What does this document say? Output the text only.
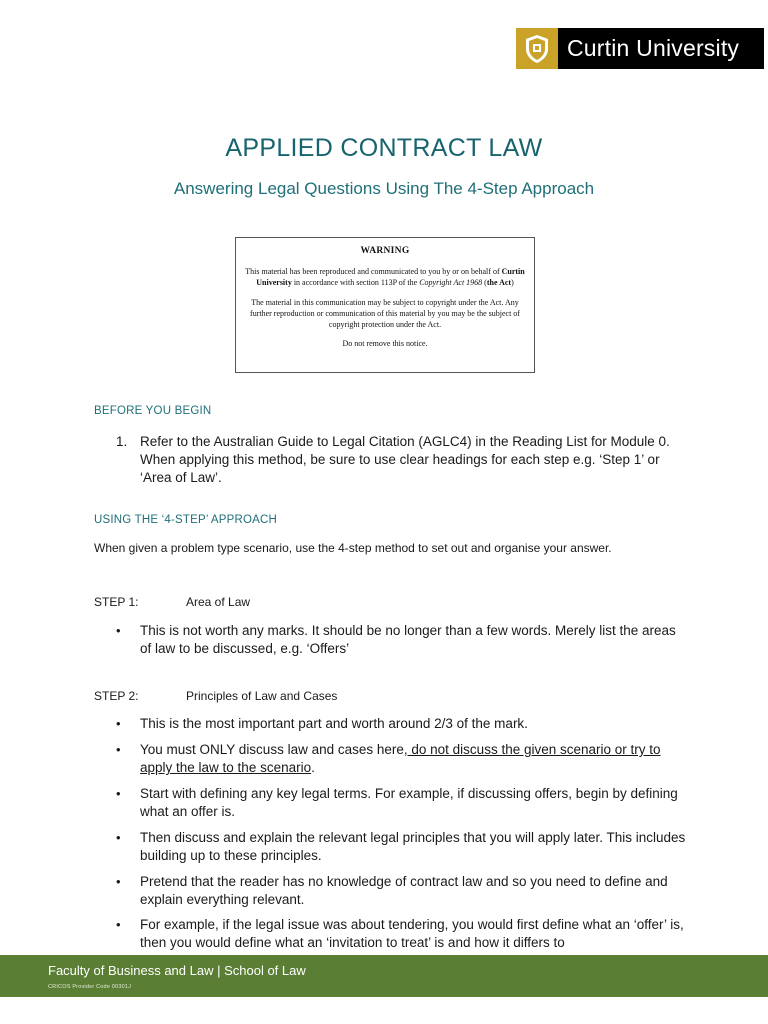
Curtin University
APPLIED CONTRACT LAW
Answering Legal Questions Using The 4-Step Approach
WARNING
This material has been reproduced and communicated to you by or on behalf of Curtin University in accordance with section 113P of the Copyright Act 1968 (the Act)
The material in this communication may be subject to copyright under the Act. Any further reproduction or communication of this material by you may be the subject of copyright protection under the Act.
Do not remove this notice.
BEFORE YOU BEGIN
1. Refer to the Australian Guide to Legal Citation (AGLC4) in the Reading List for Module 0. When applying this method, be sure to use clear headings for each step e.g. ‘Step 1’ or ‘Area of Law’.
USING THE ‘4-STEP’ APPROACH
When given a problem type scenario, use the 4-step method to set out and organise your answer.
STEP 1:	Area of Law
•	This is not worth any marks. It should be no longer than a few words. Merely list the areas of law to be discussed, e.g. ‘Offers’
STEP 2:	Principles of Law and Cases
•	This is the most important part and worth around 2/3 of the mark.
•	You must ONLY discuss law and cases here, do not discuss the given scenario or try to apply the law to the scenario.
•	Start with defining any key legal terms. For example, if discussing offers, begin by defining what an offer is.
•	Then discuss and explain the relevant legal principles that you will apply later. This includes building up to these principles.
•	Pretend that the reader has no knowledge of contract law and so you need to define and explain everything relevant.
•	For example, if the legal issue was about tendering, you would first define what an ‘offer’ is, then you would define what an ‘invitation to treat’ is and how it differs to
Faculty of Business and Law | School of Law
CRICOS Provider Code 00301J
